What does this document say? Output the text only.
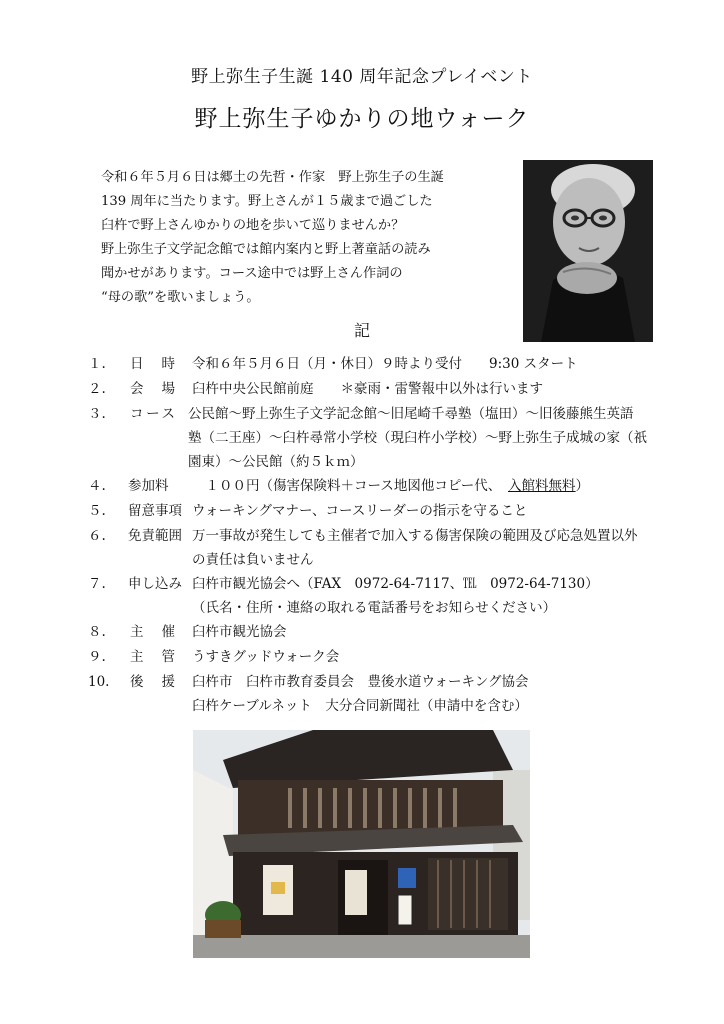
野上弥生子生誕 140 周年記念プレイベント
野上弥生子ゆかりの地ウォーク
令和６年５月６日は郷土の先哲・作家　野上弥生子の生誕
139 周年に当たります。野上さんが１５歳まで過ごした
臼杵で野上さんゆかりの地を歩いて巡りませんか？
野上弥生子文学記念館では館内案内と野上著童話の読み
聞かせがあります。コース途中では野上さん作詞の
“母の歌”を歌いましょう。
記
１.	日　時 令和６年５月６日（月・休日）９時より受付　　9:30 スタート
２.	会　場 臼杵中央公民館前庭　　＊豪雨・雷警報中以外は行います
３.	コース 公民館〜野上弥生子文学記念館〜旧尾崎千尋塾（塩田）〜旧後藤熊生英語
塾（二王座）〜臼杵尋常小学校（現臼杵小学校）〜野上弥生子成城の家（祇
園東）〜公民館（約５ｋｍ）
４.	参加料	　１００円（傷害保険料＋コース地図他コピー代、　入館料無料）
５.	留意事項 ウォーキングマナー、コースリーダーの指示を守ること
６.	免責範囲 万一事故が発生しても主催者で加入する傷害保険の範囲及び応急処置以外
の責任は負いません
７.	申し込み 臼杵市観光協会へ（FAX　0972-64-7117、℡　0972-64-7130）
（氏名・住所・連絡の取れる電話番号をお知らせください）
８.	主　催 臼杵市観光協会
９.	主　管 うすきグッドウォーク会
10.	後　援 臼杵市　臼杵市教育委員会　豊後水道ウォーキング協会
臼杵ケーブルネット　大分合同新聞社（申請中を含む）
